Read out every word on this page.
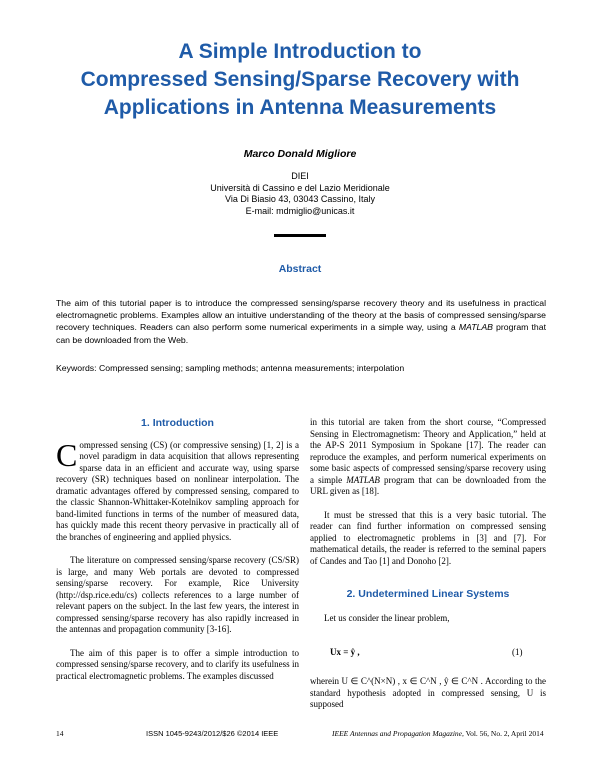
A Simple Introduction to
Compressed Sensing/Sparse Recovery with
Applications in Antenna Measurements
Marco Donald Migliore
DIEI
Università di Cassino e del Lazio Meridionale
Via Di Biasio 43, 03043 Cassino, Italy
E-mail: mdmiglio@unicas.it
Abstract

The aim of this tutorial paper is to introduce the compressed sensing/sparse recovery theory and its usefulness in practical electromagnetic problems. Examples allow an intuitive understanding of the theory at the basis of compressed sensing/sparse recovery techniques. Readers can also perform some numerical experiments in a simple way, using a MATLAB program that can be downloaded from the Web.

Keywords: Compressed sensing; sampling methods; antenna measurements; interpolation

1. Introduction

Compressed sensing (CS) (or compressive sensing) [1, 2] is a novel paradigm in data acquisition that allows representing sparse data in an efficient and accurate way, using sparse recovery (SR) techniques based on nonlinear interpolation. The dramatic advantages offered by compressed sensing, compared to the classic Shannon-Whittaker-Kotelnikov sampling approach for band-limited functions in terms of the number of measured data, has quickly made this recent theory pervasive in practically all of the branches of engineering and applied physics.

The literature on compressed sensing/sparse recovery (CS/SR) is large, and many Web portals are devoted to compressed sensing/sparse recovery. For example, Rice University (http://dsp.rice.edu/cs) collects references to a large number of relevant papers on the subject. In the last few years, the interest in compressed sensing/sparse recovery has also rapidly increased in the antennas and propagation community [3-16].

The aim of this paper is to offer a simple introduction to compressed sensing/sparse recovery, and to clarify its usefulness in practical electromagnetic problems. The examples discussed

in this tutorial are taken from the short course, “Compressed Sensing in Electromagnetism: Theory and Application,” held at the AP-S 2011 Symposium in Spokane [17]. The reader can reproduce the examples, and perform numerical experiments on some basic aspects of compressed sensing/sparse recovery using a simple MATLAB program that can be downloaded from the URL given as [18].

It must be stressed that this is a very basic tutorial. The reader can find further information on compressed sensing applied to electromagnetic problems in [3] and [7]. For mathematical details, the reader is referred to the seminal papers of Candes and Tao [1] and Donoho [2].

2. Undetermined Linear Systems

Let us consider the linear problem,

Ux = ŷ ,	(1)
wherein U ∈ C^(N×N) , x ∈ C^N , ŷ ∈ C^N . According to the standard hypothesis adopted in compressed sensing, U is supposed
14	ISSN 1045-9243/2012/$26 ©2014 IEEE	IEEE Antennas and Propagation Magazine, Vol. 56, No. 2, April 2014
